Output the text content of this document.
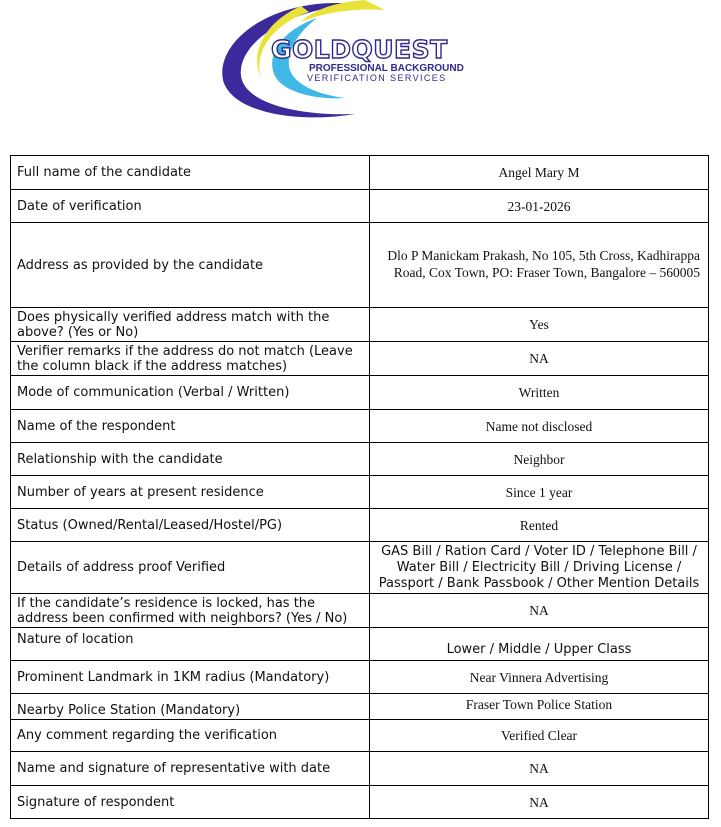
GOLDQUEST
PROFESSIONAL BACKGROUND
VERIFICATION SERVICES
Full name of the candidate	Angel Mary M
Date of verification	23-01-2026
Address as provided by the candidate	Dlo P Manickam Prakash, No 105, 5th Cross, Kadhirappa Road, Cox Town, PO: Fraser Town, Bangalore – 560005
Does physically verified address match with the above? (Yes or No)	Yes
Verifier remarks if the address do not match (Leave the column black if the address matches)	NA
Mode of communication (Verbal / Written)	Written
Name of the respondent	Name not disclosed
Relationship with the candidate	Neighbor
Number of years at present residence	Since 1 year
Status (Owned/Rental/Leased/Hostel/PG)	Rented
Details of address proof Verified	GAS Bill / Ration Card / Voter ID / Telephone Bill / Water Bill / Electricity Bill / Driving License / Passport / Bank Passbook / Other Mention Details
If the candidate’s residence is locked, has the address been confirmed with neighbors? (Yes / No)	NA
Nature of location	Lower / Middle / Upper Class
Prominent Landmark in 1KM radius (Mandatory)	Near Vinnera Advertising
Nearby Police Station (Mandatory)	Fraser Town Police Station
Any comment regarding the verification	Verified Clear
Name and signature of representative with date	NA
Signature of respondent	NA
